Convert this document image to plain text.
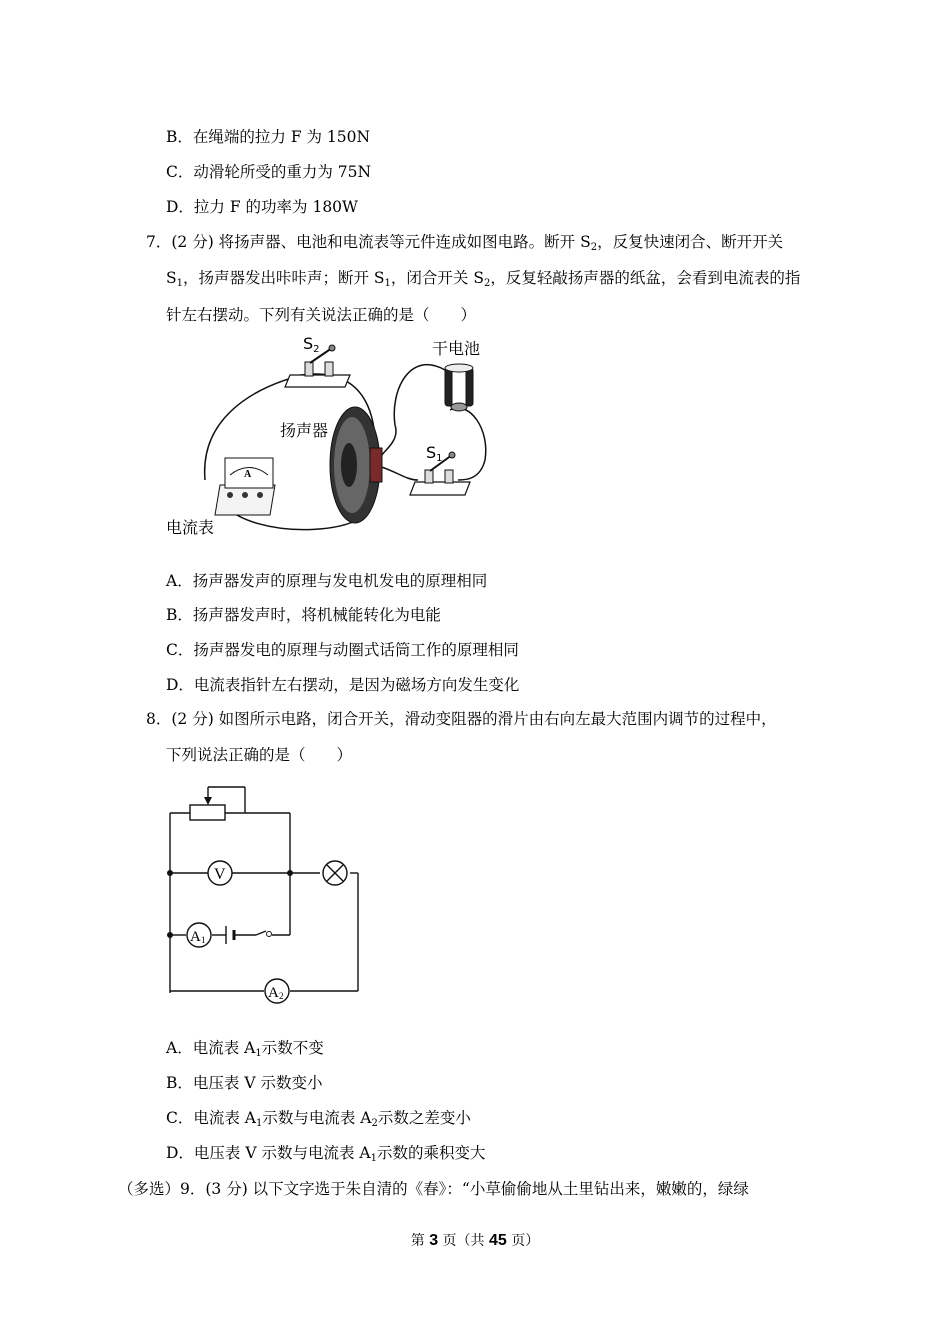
B．在绳端的拉力 F 为 150N
C．动滑轮所受的重力为 75N
D．拉力 F 的功率为 180W
7．(2 分) 将扬声器、电池和电流表等元件连成如图电路。断开 $S_2$，反复快速闭合、断开开关
$S_1$，扬声器发出咔咔声；断开 $S_1$，闭合开关 $S_2$，反复轻敲扬声器的纸盆，会看到电流表的指
针左右摆动。下列有关说法正确的是（　　）
A
$S_2$	干电池
扬声器
$S_1$
电流表
A．扬声器发声的原理与发电机发电的原理相同
B．扬声器发声时，将机械能转化为电能
C．扬声器发电的原理与动圈式话筒工作的原理相同
D．电流表指针左右摆动，是因为磁场方向发生变化
8．(2 分) 如图所示电路，闭合开关，滑动变阻器的滑片由右向左最大范围内调节的过程中，
下列说法正确的是（　　）
V
A 1
A 2
A．电流表 $A_1$示数不变
B．电压表 V 示数变小
C．电流表 $A_1$示数与电流表 $A_2$示数之差变小
D．电压表 V 示数与电流表 $A_1$示数的乘积变大
（多选）9．(3 分) 以下文字选于朱自清的《春》：“小草偷偷地从土里钻出来，嫩嫩的，绿绿
第 3 页（共 45 页）
